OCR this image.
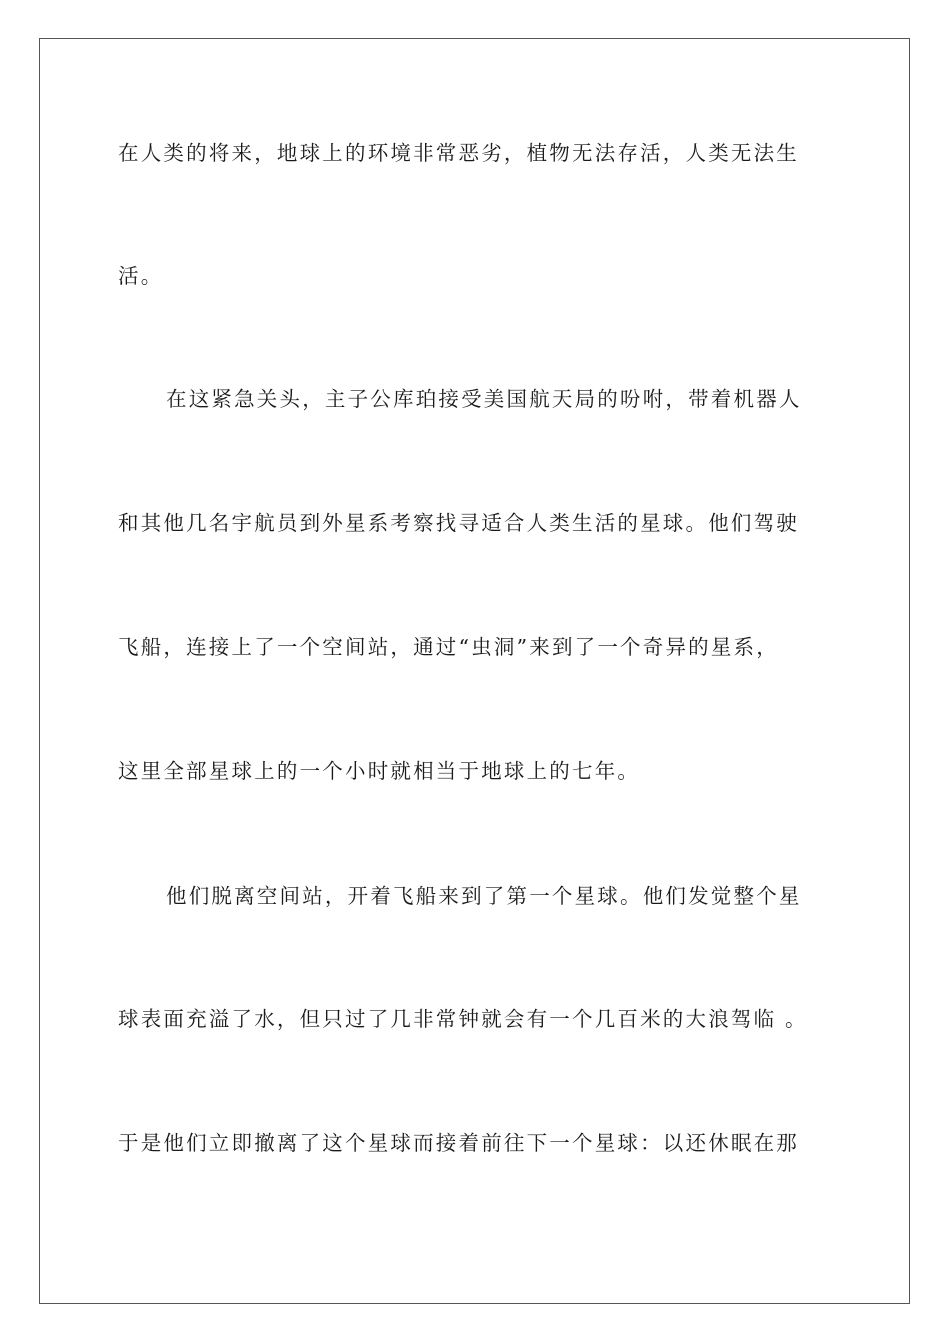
在人类的将来，地球上的环境非常恶劣，植物无法存活，人类无法生
活。
在这紧急关头，主子公库珀接受美国航天局的吩咐，带着机器人
和其他几名宇航员到外星系考察找寻适合人类生活的星球。他们驾驶
飞船，连接上了一个空间站，通过“虫洞”来到了一个奇异的星系，
这里全部星球上的一个小时就相当于地球上的七年。
他们脱离空间站，开着飞船来到了第一个星球。他们发觉整个星
球表面充溢了水，但只过了几非常钟就会有一个几百米的大浪驾临 。
于是他们立即撤离了这个星球而接着前往下一个星球：以还休眠在那
